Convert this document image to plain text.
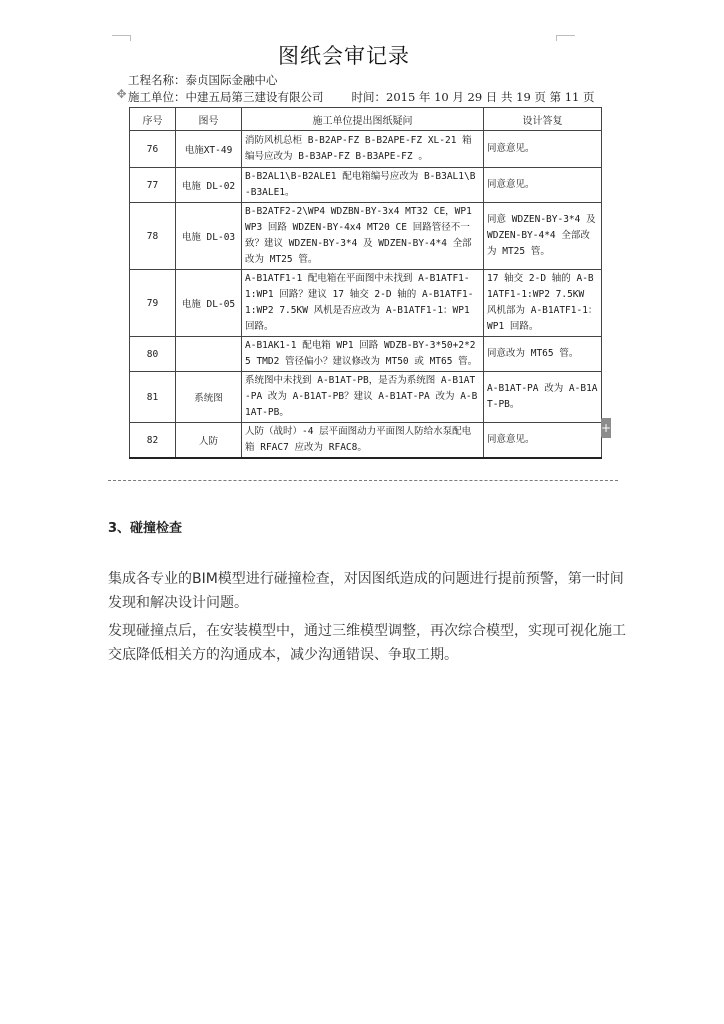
图纸会审记录
工程名称：泰贞国际金融中心
施工单位：中建五局第三建设有限公司 时间：2015 年 10 月 29 日 共 19 页 第 11 页
✥
序号	图号	施工单位提出图纸疑问	设计答复
76	电施XT-49	消防风机总柜 B-B2AP-FZ B-B2APE-FZ XL-21 箱编号应改为 B-B3AP-FZ B-B3APE-FZ 。	同意意见。
77	电施 DL-02	B-B2AL1\B-B2ALE1 配电箱编号应改为 B-B3AL1\B-B3ALE1。	同意意见。
78	电施 DL-03	B-B2ATF2-2\WP4 WDZBN-BY-3x4 MT32 CE，WP1 WP3 回路 WDZEN-BY-4x4 MT20 CE 回路管径不一致？建议 WDZEN-BY-3*4 及 WDZEN-BY-4*4 全部改为 MT25 管。	同意 WDZEN-BY-3*4 及 WDZEN-BY-4*4 全部改为 MT25 管。
79	电施 DL-05	A-B1ATF1-1 配电箱在平面图中未找到 A-B1ATF1-1:WP1 回路？建议 17 轴交 2-D 轴的 A-B1ATF1-1:WP2 7.5KW 风机是否应改为 A-B1ATF1-1：WP1 回路。	17 轴交 2-D 轴的 A-B1ATF1-1:WP2 7.5KW 风机部为 A-B1ATF1-1：WP1 回路。
80		A-B1AK1-1 配电箱 WP1 回路 WDZB-BY-3*50+2*25 TMD2 管径偏小？建议修改为 MT50 或 MT65 管。	同意改为 MT65 管。
81	系统图	系统图中未找到 A-B1AT-PB，是否为系统图 A-B1AT-PA 改为 A-B1AT-PB？建议 A-B1AT-PA 改为 A-B1AT-PB。	A-B1AT-PA 改为 A-B1AT-PB。
82	人防	人防（战时）-4 层平面图动力平面图人防给水泵配电箱 RFAC7 应改为 RFAC8。	同意意见。
+
3、碰撞检查
集成各专业的BIM模型进行碰撞检查，对因图纸造成的问题进行提前预警，第一时间发现和解决设计问题。
发现碰撞点后，在安装模型中，通过三维模型调整，再次综合模型，实现可视化施工交底降低相关方的沟通成本，减少沟通错误、争取工期。
